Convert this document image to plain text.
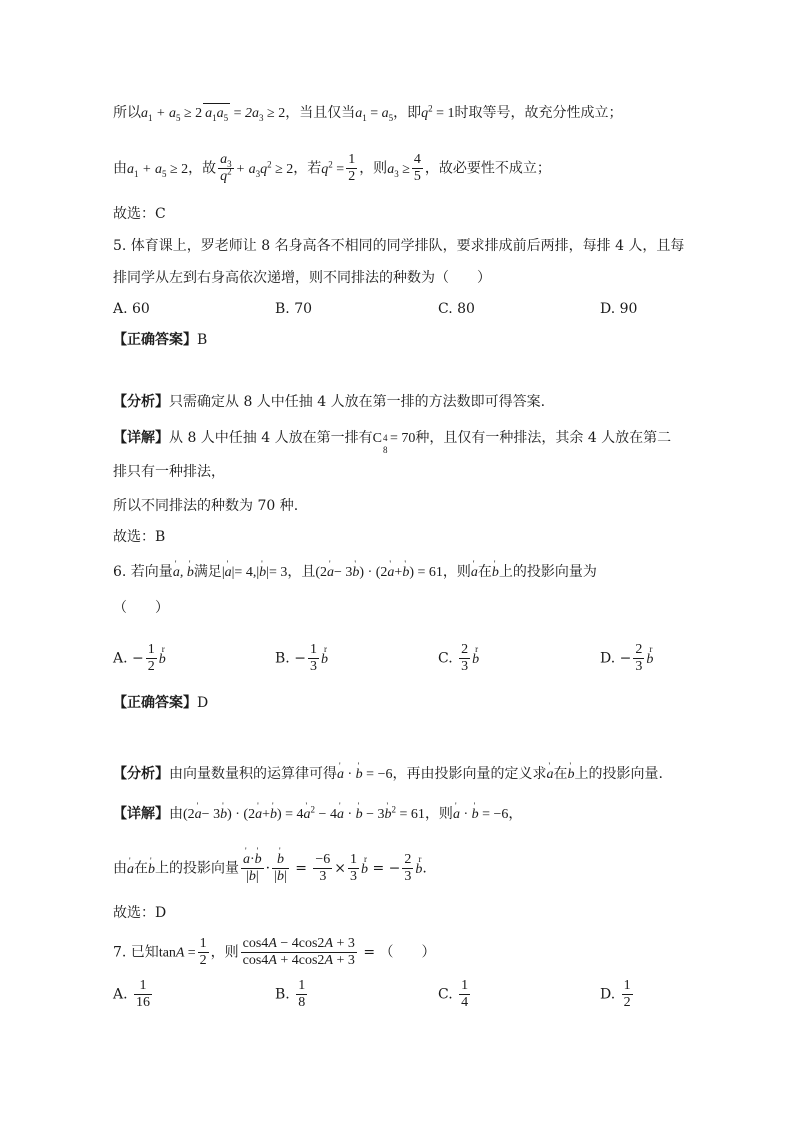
所以$a_1 + a_5 \ge 2$ $a_1a_5 = 2a_3 \ge 2$，当且仅当$a_1 = a_5$，即$q^2 = 1$时取等号，故充分性成立；
由$a_1 + a_5 \ge 2$，故 $\frac{a_3}{q^2} + a_3q^2 \ge 2$，若$q^2 = \frac{1}{2}$ ，则$a_3 \ge \frac{4}{5}$ ，故必要性不成立；
故选：C
5. 体育课上，罗老师让 8 名身高各不相同的同学排队，要求排成前后两排，每排 4 人，且每
排同学从左到右身高依次递增，则不同排法的种数为（　　）
A. 60	B. 70	C. 80	D. 90
【正确答案】B
【分析】只需确定从 8 人中任抽 4 人放在第一排的方法数即可得答案.
【详解】从 8 人中任抽 4 人放在第一排有C 4
8
= 70种，且仅有一种排法，其余 4 人放在第二
排只有一种排法，
所以不同排法的种数为 70 种.
故选：B
6. 若向量' a, ' b满足|' a|= 4,|' b|= 3，且(2' a− 3' b) · (2' a+' b) = 61，则' a在' b上的投影向量为
（　　）
A. − $\frac{1}{2}$ r b	B. − $\frac{1}{3}$ r b	C. $\frac{2}{3}$ r b	D. − $\frac{2}{3}$ r b
【正确答案】D
【分析】由向量数量积的运算律可得' a · ' b = −6，再由投影向量的定义求' a在' b上的投影向量.
【详解】由(2' a− 3' b) · (2' a+' b) = 4' $a^2 - 4'$ a · ' b − 3' $b^2 = 61$，则' a · ' b = −6，
由' a在' b上的投影向量 ' $\frac{a\cdot' b}{|b|}$ · ' $\frac{b}{|b|} = \frac{-6}{3} \times \frac{1}{3}$ r b = − $\frac{2}{3}$ r b.
故选：D
7. 已知$\tan A = \frac{1}{2}$ ，则 $\frac{\cos 4A - 4\cos 2A + 3}{\cos 4A + 4\cos 2A + 3}$ = （　　）
A. $\frac{1}{16}$	B. $\frac{1}{8}$	C. $\frac{1}{4}$	D. $\frac{1}{2}$
